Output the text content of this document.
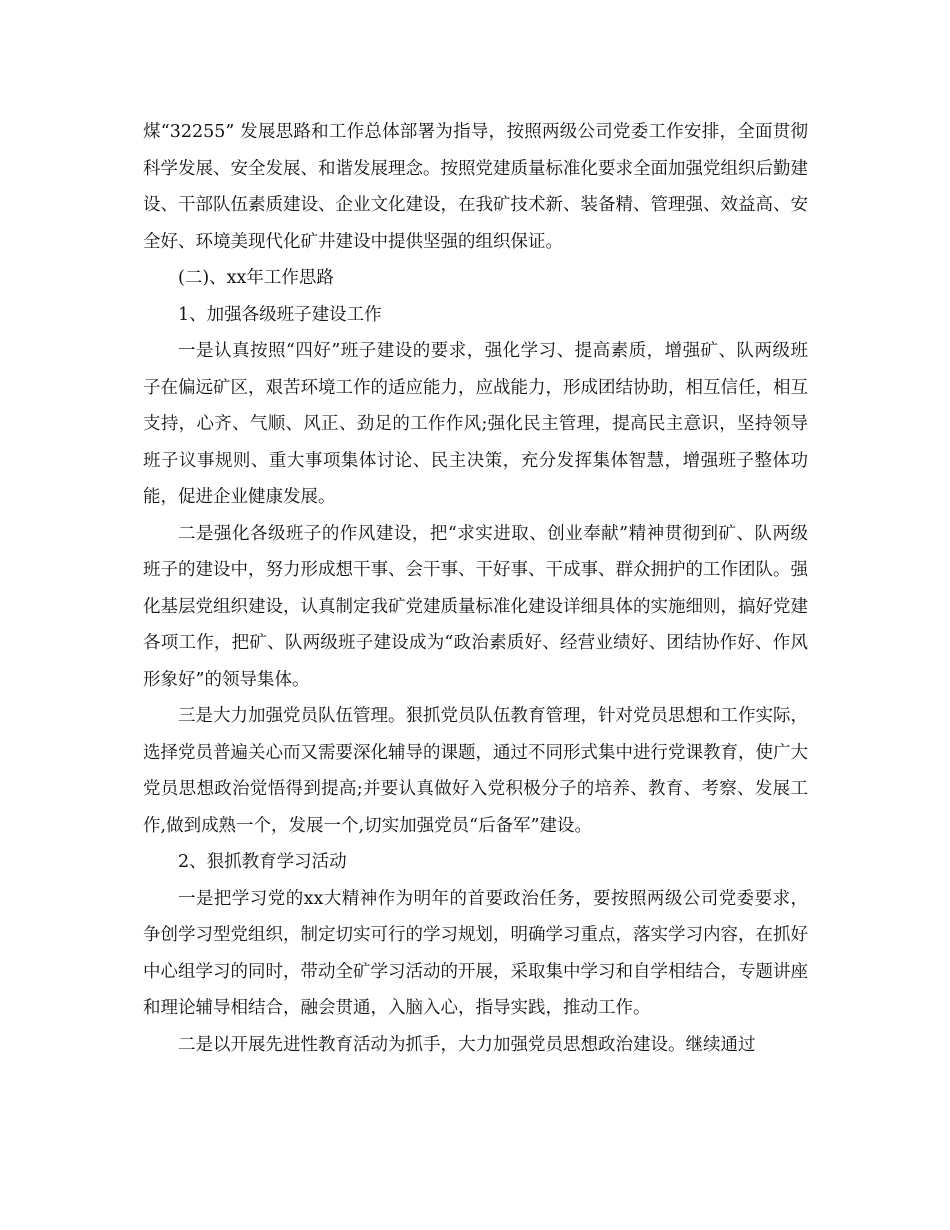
煤“32255” 发展思路和工作总体部署为指导，按照两级公司党委工作安排，全面贯彻科学发展、安全发展、和谐发展理念。按照党建质量标准化要求全面加强党组织后勤建设、干部队伍素质建设、企业文化建设，在我矿技术新、装备精、管理强、效益高、安全好、环境美现代化矿井建设中提供坚强的组织保证。

(二)、xx年工作思路

1、加强各级班子建设工作

一是认真按照“四好”班子建设的要求，强化学习、提高素质，增强矿、队两级班子在偏远矿区，艰苦环境工作的适应能力，应战能力，形成团结协助，相互信任，相互支持，心齐、气顺、风正、劲足的工作作风;强化民主管理，提高民主意识，坚持领导班子议事规则、重大事项集体讨论、民主决策，充分发挥集体智慧，增强班子整体功能，促进企业健康发展。

二是强化各级班子的作风建设，把“求实进取、创业奉献”精神贯彻到矿、队两级班子的建设中，努力形成想干事、会干事、干好事、干成事、群众拥护的工作团队。强化基层党组织建设，认真制定我矿党建质量标准化建设详细具体的实施细则，搞好党建各项工作，把矿、队两级班子建设成为“政治素质好、经营业绩好、团结协作好、作风形象好”的领导集体。

三是大力加强党员队伍管理。狠抓党员队伍教育管理，针对党员思想和工作实际，选择党员普遍关心而又需要深化辅导的课题，通过不同形式集中进行党课教育，使广大党员思想政治觉悟得到提高;并要认真做好入党积极分子的培养、教育、考察、发展工作,做到成熟一个，发展一个,切实加强党员“后备军”建设。

2、狠抓教育学习活动

一是把学习党的xx大精神作为明年的首要政治任务，要按照两级公司党委要求，争创学习型党组织，制定切实可行的学习规划，明确学习重点，落实学习内容，在抓好中心组学习的同时，带动全矿学习活动的开展，采取集中学习和自学相结合，专题讲座和理论辅导相结合，融会贯通，入脑入心，指导实践，推动工作。

二是以开展先进性教育活动为抓手，大力加强党员思想政治建设。继续通过
